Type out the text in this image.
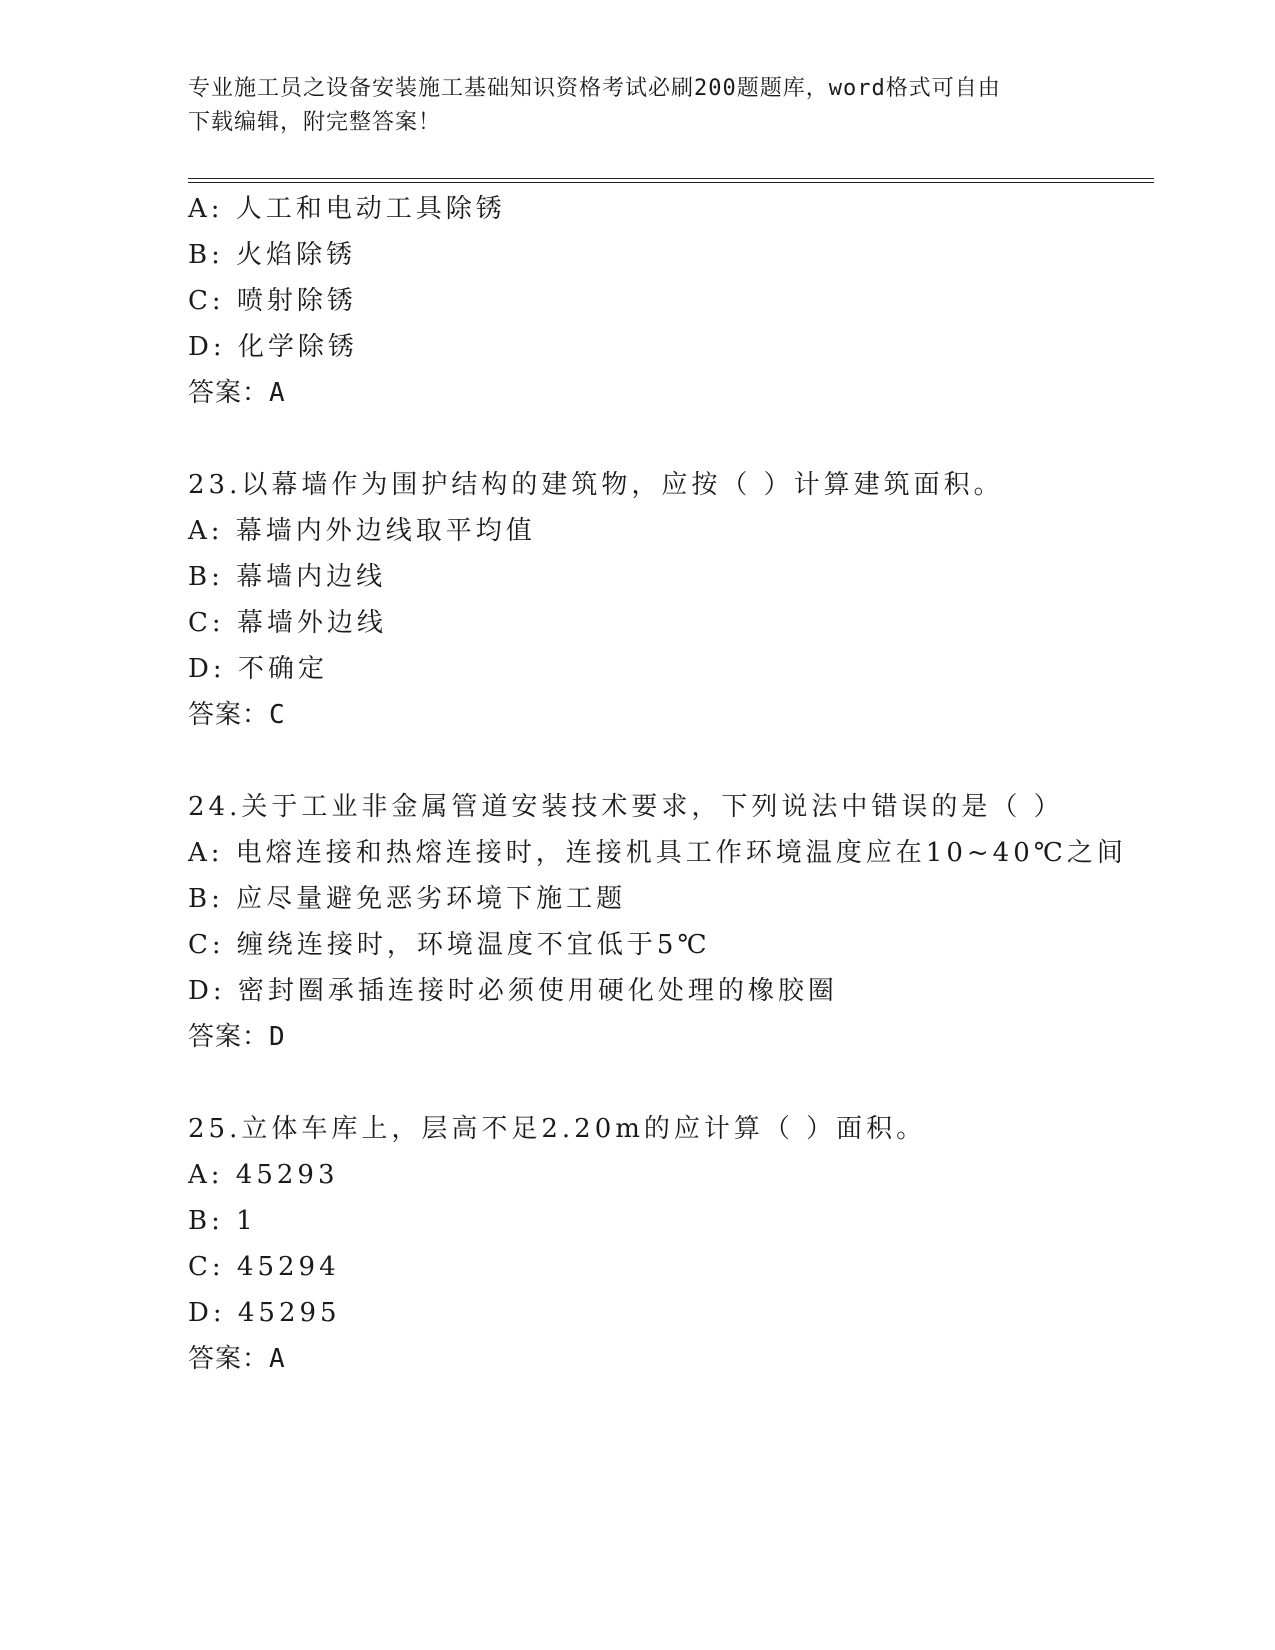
专业施工员之设备安装施工基础知识资格考试必刷200题题库，word格式可自由
下载编辑，附完整答案！
A: 人工和电动工具除锈
B: 火焰除锈
C: 喷射除锈
D: 化学除锈
答案：A
23.以幕墙作为围护结构的建筑物，应按（ ）计算建筑面积。
A: 幕墙内外边线取平均值
B: 幕墙内边线
C: 幕墙外边线
D: 不确定
答案：C
24.关于工业非金属管道安装技术要求，下列说法中错误的是（ ）
A: 电熔连接和热熔连接时，连接机具工作环境温度应在10~40℃之间
B: 应尽量避免恶劣环境下施工题
C: 缠绕连接时，环境温度不宜低于5℃
D: 密封圈承插连接时必须使用硬化处理的橡胶圈
答案：D
25.立体车库上，层高不足2.20m的应计算（ ）面积。
A: 45293
B: 1
C: 45294
D: 45295
答案：A
